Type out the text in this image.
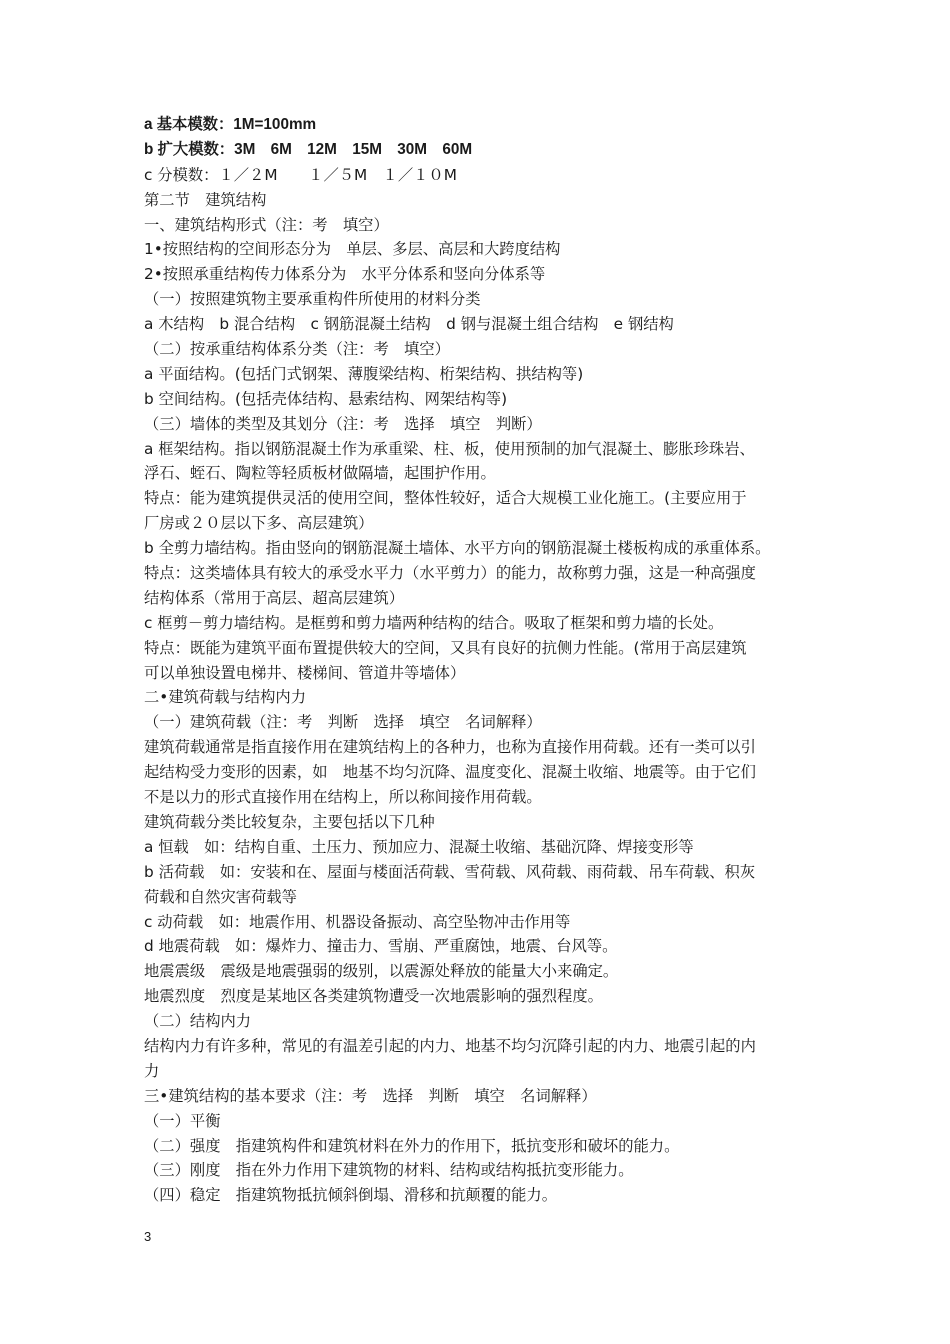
a 基本模数：1M=100mm
b 扩大模数：3M　6M　12M　15M　30M　60M
c 分模数：１／２M　　１／５M　１／１０M
第二节　建筑结构
一、建筑结构形式（注：考　填空）
1•按照结构的空间形态分为　单层、多层、高层和大跨度结构
2•按照承重结构传力体系分为　水平分体系和竖向分体系等
（一）按照建筑物主要承重构件所使用的材料分类
a 木结构　b 混合结构　c 钢筋混凝土结构　d 钢与混凝土组合结构　e 钢结构
（二）按承重结构体系分类（注：考　填空）
a 平面结构。(包括门式钢架、薄腹梁结构、桁架结构、拱结构等)
b 空间结构。(包括壳体结构、悬索结构、网架结构等)
（三）墙体的类型及其划分（注：考　选择　填空　判断）
a 框架结构。指以钢筋混凝土作为承重梁、柱、板，使用预制的加气混凝土、膨胀珍珠岩、
浮石、蛭石、陶粒等轻质板材做隔墙，起围护作用。
特点：能为建筑提供灵活的使用空间，整体性较好，适合大规模工业化施工。(主要应用于
厂房或２０层以下多、高层建筑）
b 全剪力墙结构。指由竖向的钢筋混凝土墙体、水平方向的钢筋混凝土楼板构成的承重体系。
特点：这类墙体具有较大的承受水平力（水平剪力）的能力，故称剪力强，这是一种高强度
结构体系（常用于高层、超高层建筑）
c 框剪－剪力墙结构。是框剪和剪力墙两种结构的结合。吸取了框架和剪力墙的长处。
特点：既能为建筑平面布置提供较大的空间，又具有良好的抗侧力性能。(常用于高层建筑
可以单独设置电梯井、楼梯间、管道井等墙体）
二•建筑荷载与结构内力
（一）建筑荷载（注：考　判断　选择　填空　名词解释）
建筑荷载通常是指直接作用在建筑结构上的各种力，也称为直接作用荷载。还有一类可以引
起结构受力变形的因素，如　地基不均匀沉降、温度变化、混凝土收缩、地震等。由于它们
不是以力的形式直接作用在结构上，所以称间接作用荷载。
建筑荷载分类比较复杂，主要包括以下几种
a 恒载　如：结构自重、土压力、预加应力、混凝土收缩、基础沉降、焊接变形等
b 活荷载　如：安装和在、屋面与楼面活荷载、雪荷载、风荷载、雨荷载、吊车荷载、积灰
荷载和自然灾害荷载等
c 动荷载　如：地震作用、机器设备振动、高空坠物冲击作用等
d 地震荷载　如：爆炸力、撞击力、雪崩、严重腐蚀，地震、台风等。
地震震级　震级是地震强弱的级别，以震源处释放的能量大小来确定。
地震烈度　烈度是某地区各类建筑物遭受一次地震影响的强烈程度。
（二）结构内力
结构内力有许多种，常见的有温差引起的内力、地基不均匀沉降引起的内力、地震引起的内
力
三•建筑结构的基本要求（注：考　选择　判断　填空　名词解释）
（一）平衡
（二）强度　指建筑构件和建筑材料在外力的作用下，抵抗变形和破坏的能力。
（三）刚度　指在外力作用下建筑物的材料、结构或结构抵抗变形能力。
（四）稳定　指建筑物抵抗倾斜倒塌、滑移和抗颠覆的能力。
3
